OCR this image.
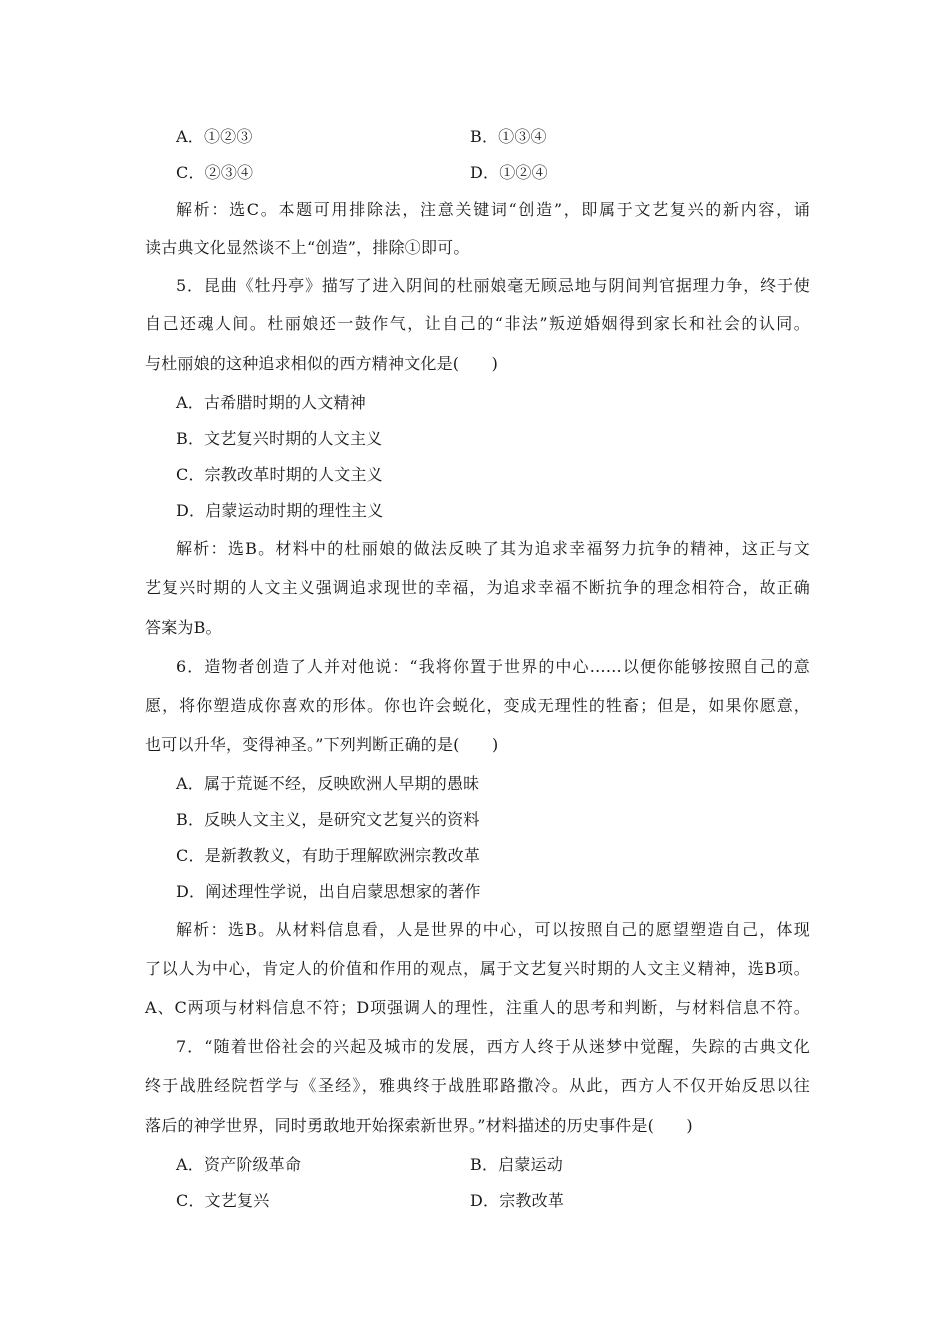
A．①②③	B．①③④
C．②③④	D．①②④
解析：选C。本题可用排除法，注意关键词“创造”，即属于文艺复兴的新内容，诵
读古典文化显然谈不上“创造”，排除①即可。
5．昆曲《牡丹亭》描写了进入阴间的杜丽娘毫无顾忌地与阴间判官据理力争，终于使
自己还魂人间。杜丽娘还一鼓作气，让自己的“非法”叛逆婚姻得到家长和社会的认同。
与杜丽娘的这种追求相似的西方精神文化是(　　)
A．古希腊时期的人文精神
B．文艺复兴时期的人文主义
C．宗教改革时期的人文主义
D．启蒙运动时期的理性主义
解析：选B。材料中的杜丽娘的做法反映了其为追求幸福努力抗争的精神，这正与文
艺复兴时期的人文主义强调追求现世的幸福，为追求幸福不断抗争的理念相符合，故正确
答案为B。
6．造物者创造了人并对他说：“我将你置于世界的中心……以便你能够按照自己的意
愿，将你塑造成你喜欢的形体。你也许会蜕化，变成无理性的牲畜；但是，如果你愿意，
也可以升华，变得神圣。”下列判断正确的是(　　)
A．属于荒诞不经，反映欧洲人早期的愚昧
B．反映人文主义，是研究文艺复兴的资料
C．是新教教义，有助于理解欧洲宗教改革
D．阐述理性学说，出自启蒙思想家的著作
解析：选B。从材料信息看，人是世界的中心，可以按照自己的愿望塑造自己，体现
了以人为中心，肯定人的价值和作用的观点，属于文艺复兴时期的人文主义精神，选B项。
A、C两项与材料信息不符；D项强调人的理性，注重人的思考和判断，与材料信息不符。
7．“随着世俗社会的兴起及城市的发展，西方人终于从迷梦中觉醒，失踪的古典文化
终于战胜经院哲学与《圣经》，雅典终于战胜耶路撒冷。从此，西方人不仅开始反思以往
落后的神学世界，同时勇敢地开始探索新世界。”材料描述的历史事件是(　　)
A．资产阶级革命	B．启蒙运动
C．文艺复兴	D．宗教改革
